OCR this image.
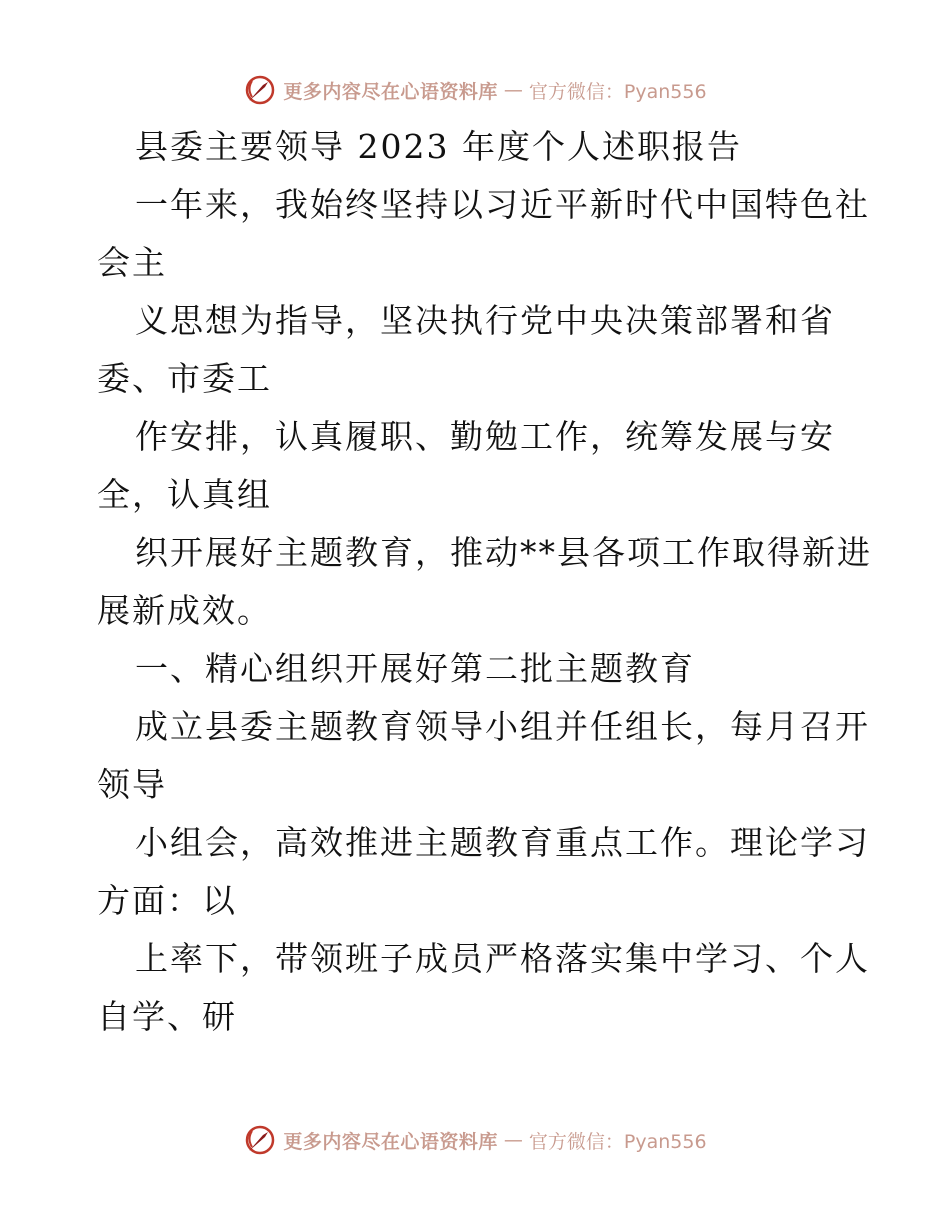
更多内容尽在心语资料库 — 官方微信：Pyan556
县委主要领导 2023 年度个人述职报告
一年来，我始终坚持以习近平新时代中国特色社
会主
义思想为指导，坚决执行党中央决策部署和省
委、市委工
作安排，认真履职、勤勉工作，统筹发展与安
全，认真组
织开展好主题教育，推动**县各项工作取得新进
展新成效。
一、精心组织开展好第二批主题教育
成立县委主题教育领导小组并任组长，每月召开
领导
小组会，高效推进主题教育重点工作。理论学习
方面：以
上率下，带领班子成员严格落实集中学习、个人
自学、研
更多内容尽在心语资料库 — 官方微信：Pyan556
